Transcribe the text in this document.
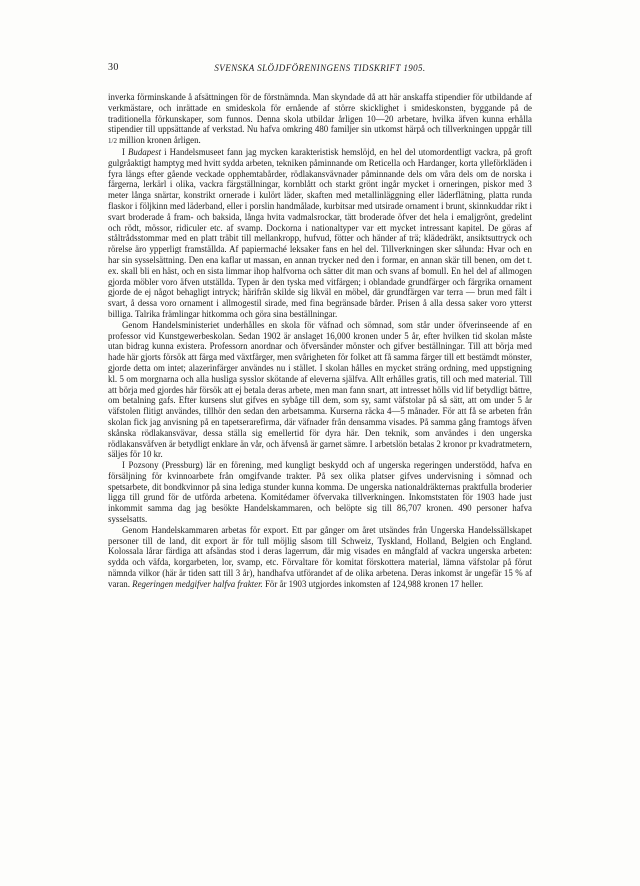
30	SVENSKA SLÖJDFÖRENINGENS TIDSKRIFT 1905.

inverka förminskande å afsättningen för de förstnämnda. Man skyndade då att här anskaffa stipendier för utbildande af verkmästare, och inrättade en smideskola för ernående af större skicklighet i smideskonsten, byggande på de traditionella förkunskaper, som funnos. Denna skola utbildar årligen 10—20 arbetare, hvilka äfven kunna erhålla stipendier till uppsättande af verkstad. Nu hafva omkring 480 familjer sin utkomst härpå och tillverkningen uppgår till 1/2 million kronen årligen.

I Budapest i Handelsmuseet fann jag mycken karakteristisk hemslöjd, en hel del utomordentligt vackra, på groft gulgråaktigt hamptyg med hvitt sydda arbeten, tekniken påminnande om Reticella och Hardanger, korta ylleförkläden i fyra längs efter gående veckade opphemtabårder, rödlakansvävnader påminnande dels om våra dels om de norska i färgerna, lerkärl i olika, vackra färgställningar, kornblått och starkt grönt ingår mycket i orneringen, piskor med 3 meter långa snärtar, konstrikt ornerade i kulört läder, skaften med metallinläggning eller läderflätning, platta runda flaskor i följkinn med läderband, eller i porslin handmålade, kurbitsar med utsirade ornament i brunt, skinnkuddar rikt i svart broderade å fram- och baksida, långa hvita vadmalsrockar, tätt broderade öfver det hela i emaljgrönt, gredelint och rödt, mössor, ridiculer etc. af svamp. Dockorna i nationaltyper var ett mycket intressant kapitel. De göras af ståltrådsstommar med en platt träbit till mellankropp, hufvud, fötter och händer af trä; klädedräkt, ansiktsuttryck och rörelse äro ypperligt framställda. Af papiermaché leksaker fans en hel del. Tillverkningen sker sålunda: Hvar och en har sin sysselsättning. Den ena kaflar ut massan, en annan trycker ned den i formar, en annan skär till benen, om det t. ex. skall bli en häst, och en sista limmar ihop halfvorna och sätter dit man och svans af bomull. En hel del af allmogen gjorda möbler voro äfven utställda. Typen är den tyska med vitfärgen; i oblandade grundfärger och färgrika ornament gjorde de ej något behagligt intryck; härifrån skilde sig likväl en möbel, där grundfärgen var terra — brun med fält i svart, å dessa voro ornament i allmogestil sirade, med fina begränsade bårder. Prisen å alla dessa saker voro ytterst billiga. Talrika främlingar hitkomma och göra sina beställningar.

Genom Handelsministeriet underhålles en skola för väfnad och sömnad, som står under öfverinseende af en professor vid Kunstgewerbeskolan. Sedan 1902 är anslaget 16,000 kronen under 5 år, efter hvilken tid skolan måste utan bidrag kunna existera. Professorn anordnar och öfversänder mönster och gifver beställningar. Till att börja med hade här gjorts försök att färga med växtfärger, men svårigheten för folket att få samma färger till ett bestämdt mönster, gjorde detta om intet; alazerinfärger användes nu i stället. I skolan hålles en mycket sträng ordning, med uppstigning kl. 5 om morgnarna och alla husliga sysslor skötande af eleverna själfva. Allt erhålles gratis, till och med material. Till att börja med gjordes här försök att ej betala deras arbete, men man fann snart, att intresset hölls vid lif betydligt bättre, om betalning gafs. Efter kursens slut gifves en sybåge till dem, som sy, samt väfstolar på så sätt, att om under 5 år väfstolen flitigt användes, tillhör den sedan den arbetsamma. Kurserna räcka 4—5 månader. För att få se arbeten från skolan fick jag anvisning på en tapetserarefirma, där väfnader från densamma visades. På samma gång framtogs äfven skånska rödlakansvävar, dessa ställa sig emellertid för dyra här. Den teknik, som användes i den ungerska rödlakansväfven är betydligt enklare än vår, och äfvenså är garnet sämre. I arbetslön betalas 2 kronor pr kvadratmetern, säljes för 10 kr.

I Pozsony (Pressburg) lär en förening, med kungligt beskydd och af ungerska regeringen understödd, hafva en försäljning för kvinnoarbete från omgifvande trakter. På sex olika platser gifves undervisning i sömnad och spetsarbete, dit bondkvinnor på sina lediga stunder kunna komma. De ungerska nationaldräkternas praktfulla broderier ligga till grund för de utförda arbetena. Komitédamer öfvervaka tillverkningen. Inkomststaten för 1903 hade just inkommit samma dag jag besökte Handelskammaren, och belöpte sig till 86,707 kronen. 490 personer hafva sysselsatts.

Genom Handelskammaren arbetas för export. Ett par gånger om året utsändes från Ungerska Handelssällskapet personer till de land, dit export är för tull möjlig såsom till Schweiz, Tyskland, Holland, Belgien och England. Kolossala lårar färdiga att afsändas stod i deras lagerrum, där mig visades en mångfald af vackra ungerska arbeten: sydda och väfda, korgarbeten, lor, svamp, etc. Förvaltare för komitat förskottera material, lämna väfstolar på förut nämnda vilkor (här är tiden satt till 3 år), handhafva utförandet af de olika arbetena. Deras inkomst är ungefär 15 % af varan. Regeringen medgifver halfva frakter. För år 1903 utgjordes inkomsten af 124,988 kronen 17 heller.
